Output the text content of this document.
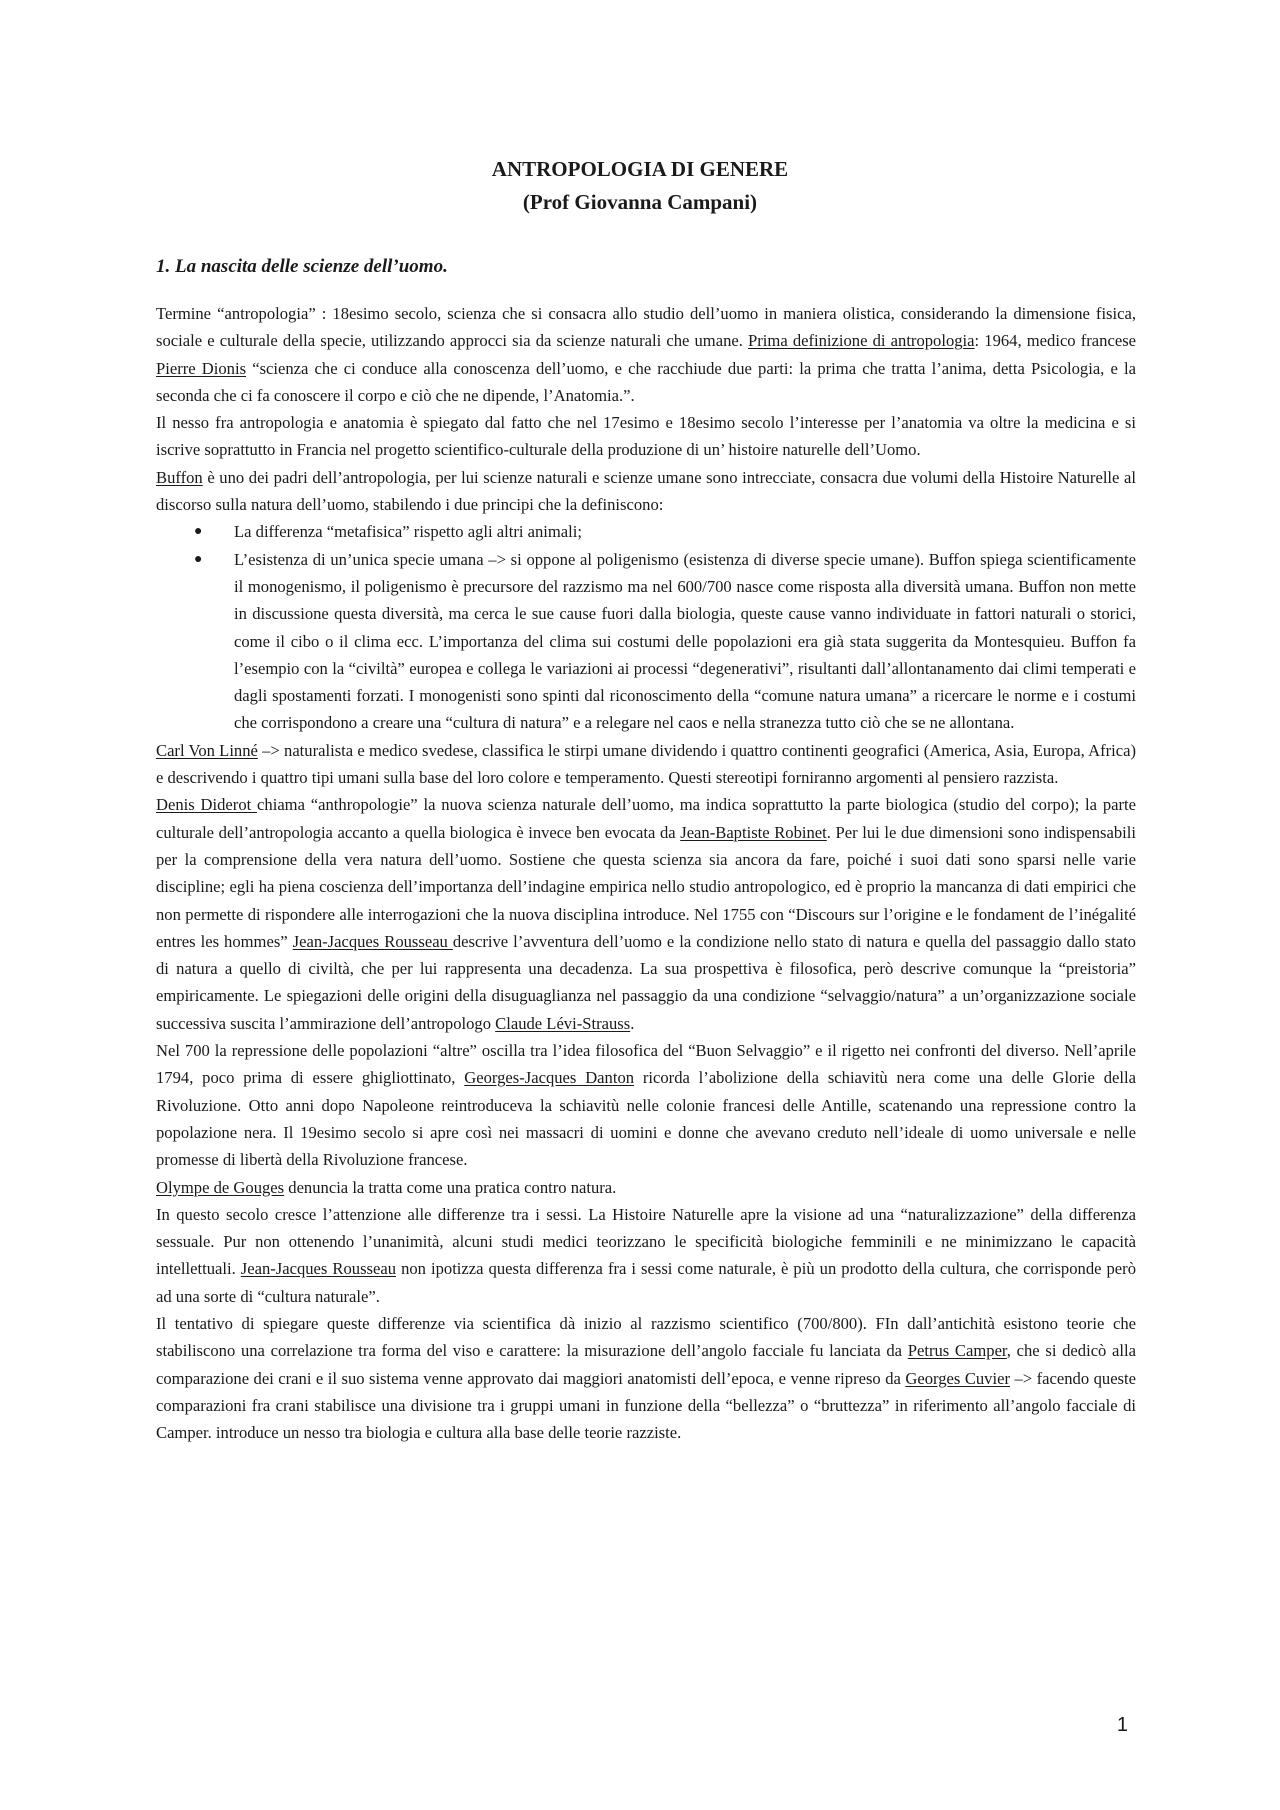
ANTROPOLOGIA DI GENERE
(Prof Giovanna Campani)
1. La nascita delle scienze dell’uomo.

Termine “antropologia” : 18esimo secolo, scienza che si consacra allo studio dell’uomo in maniera olistica, considerando la dimensione fisica, sociale e culturale della specie, utilizzando approcci sia da scienze naturali che umane. Prima definizione di antropologia: 1964, medico francese Pierre Dionis “scienza che ci conduce alla conoscenza dell’uomo, e che racchiude due parti: la prima che tratta l’anima, detta Psicologia, e la seconda che ci fa conoscere il corpo e ciò che ne dipende, l’Anatomia.”.

Il nesso fra antropologia e anatomia è spiegato dal fatto che nel 17esimo e 18esimo secolo l’interesse per l’anatomia va oltre la medicina e si iscrive soprattutto in Francia nel progetto scientifico-culturale della produzione di un’ histoire naturelle dell’Uomo.

Buffon è uno dei padri dell’antropologia, per lui scienze naturali e scienze umane sono intrecciate, consacra due volumi della Histoire Naturelle al discorso sulla natura dell’uomo, stabilendo i due principi che la definiscono:

● La differenza “metafisica” rispetto agli altri animali;
● L’esistenza di un’unica specie umana –> si oppone al poligenismo (esistenza di diverse specie umane). Buffon spiega scientificamente il monogenismo, il poligenismo è precursore del razzismo ma nel 600/700 nasce come risposta alla diversità umana. Buffon non mette in discussione questa diversità, ma cerca le sue cause fuori dalla biologia, queste cause vanno individuate in fattori naturali o storici, come il cibo o il clima ecc. L’importanza del clima sui costumi delle popolazioni era già stata suggerita da Montesquieu. Buffon fa l’esempio con la “civiltà” europea e collega le variazioni ai processi “degenerativi”, risultanti dall’allontanamento dai climi temperati e dagli spostamenti forzati. I monogenisti sono spinti dal riconoscimento della “comune natura umana” a ricercare le norme e i costumi che corrispondono a creare una “cultura di natura” e a relegare nel caos e nella stranezza tutto ciò che se ne allontana.

Carl Von Linné –> naturalista e medico svedese, classifica le stirpi umane dividendo i quattro continenti geografici (America, Asia, Europa, Africa) e descrivendo i quattro tipi umani sulla base del loro colore e temperamento. Questi stereotipi forniranno argomenti al pensiero razzista.

Denis Diderot chiama “anthropologie” la nuova scienza naturale dell’uomo, ma indica soprattutto la parte biologica (studio del corpo); la parte culturale dell’antropologia accanto a quella biologica è invece ben evocata da Jean-Baptiste Robinet. Per lui le due dimensioni sono indispensabili per la comprensione della vera natura dell’uomo. Sostiene che questa scienza sia ancora da fare, poiché i suoi dati sono sparsi nelle varie discipline; egli ha piena coscienza dell’importanza dell’indagine empirica nello studio antropologico, ed è proprio la mancanza di dati empirici che non permette di rispondere alle interrogazioni che la nuova disciplina introduce. Nel 1755 con “Discours sur l’origine e le fondament de l’inégalité entres les hommes” Jean-Jacques Rousseau descrive l’avventura dell’uomo e la condizione nello stato di natura e quella del passaggio dallo stato di natura a quello di civiltà, che per lui rappresenta una decadenza. La sua prospettiva è filosofica, però descrive comunque la “preistoria” empiricamente. Le spiegazioni delle origini della disuguaglianza nel passaggio da una condizione “selvaggio/natura” a un’organizzazione sociale successiva suscita l’ammirazione dell’antropologo Claude Lévi-Strauss.

Nel 700 la repressione delle popolazioni “altre” oscilla tra l’idea filosofica del “Buon Selvaggio” e il rigetto nei confronti del diverso. Nell’aprile 1794, poco prima di essere ghigliottinato, Georges-Jacques Danton ricorda l’abolizione della schiavitù nera come una delle Glorie della Rivoluzione. Otto anni dopo Napoleone reintroduceva la schiavitù nelle colonie francesi delle Antille, scatenando una repressione contro la popolazione nera. Il 19esimo secolo si apre così nei massacri di uomini e donne che avevano creduto nell’ideale di uomo universale e nelle promesse di libertà della Rivoluzione francese.

Olympe de Gouges denuncia la tratta come una pratica contro natura.

In questo secolo cresce l’attenzione alle differenze tra i sessi. La Histoire Naturelle apre la visione ad una “naturalizzazione” della differenza sessuale. Pur non ottenendo l’unanimità, alcuni studi medici teorizzano le specificità biologiche femminili e ne minimizzano le capacità intellettuali. Jean-Jacques Rousseau non ipotizza questa differenza fra i sessi come naturale, è più un prodotto della cultura, che corrisponde però ad una sorte di “cultura naturale”.

Il tentativo di spiegare queste differenze via scientifica dà inizio al razzismo scientifico (700/800). FIn dall’antichità esistono teorie che stabiliscono una correlazione tra forma del viso e carattere: la misurazione dell’angolo facciale fu lanciata da Petrus Camper, che si dedicò alla comparazione dei crani e il suo sistema venne approvato dai maggiori anatomisti dell’epoca, e venne ripreso da Georges Cuvier –> facendo queste comparazioni fra crani stabilisce una divisione tra i gruppi umani in funzione della “bellezza” o “bruttezza” in riferimento all’angolo facciale di Camper. introduce un nesso tra biologia e cultura alla base delle teorie razziste.

1
